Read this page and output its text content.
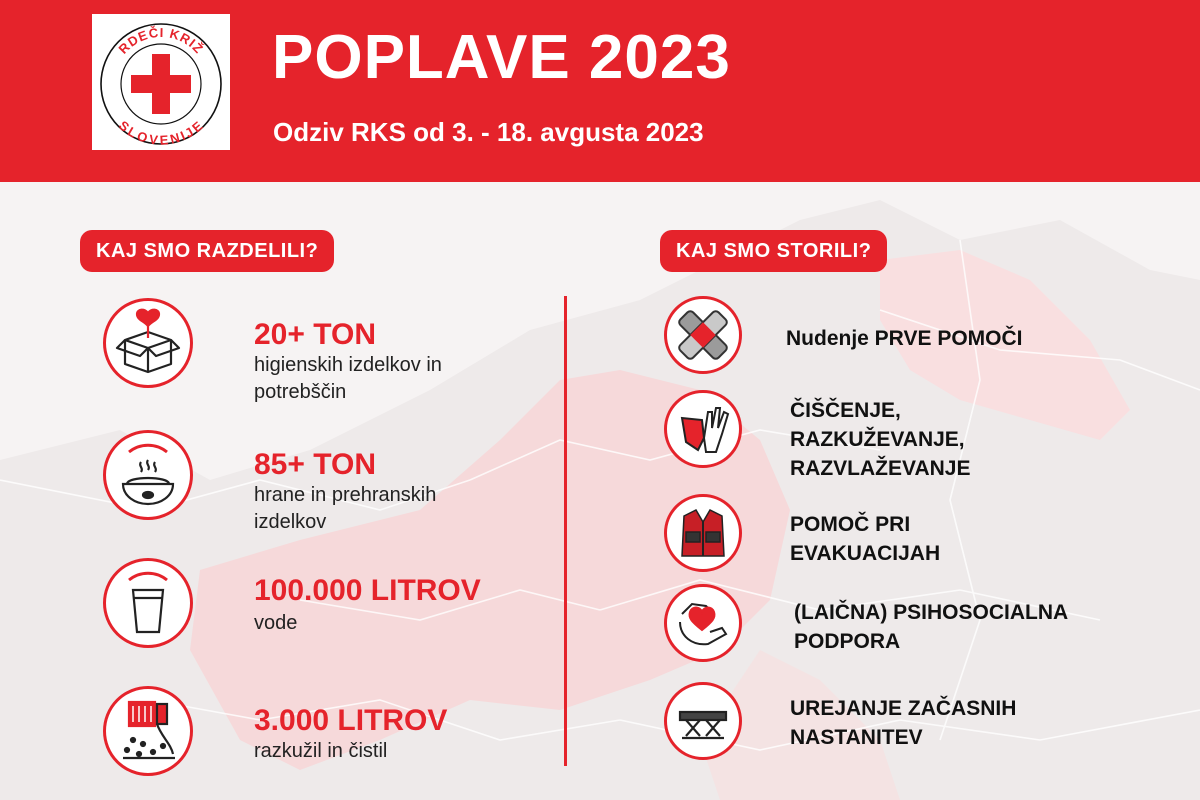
RDEČI KRIŽ
SLOVENIJE
POPLAVE 2023
Odziv RKS od 3. - 18. avgusta 2023
KAJ SMO RAZDELILI?	KAJ SMO STORILI?
20+ TON
higienskih izdelkov in potrebščin
85+ TON
hrane in prehranskih izdelkov
100.000 LITROV
vode
3.000 LITROV
razkužil in čistil
Nudenje PRVE POMOČI
ČIŠČENJE,
RAZKUŽEVANJE,
RAZVLAŽEVANJE
POMOČ PRI
EVAKUACIJAH
(LAIČNA) PSIHOSOCIALNA
PODPORA
UREJANJE ZAČASNIH
NASTANITEV
